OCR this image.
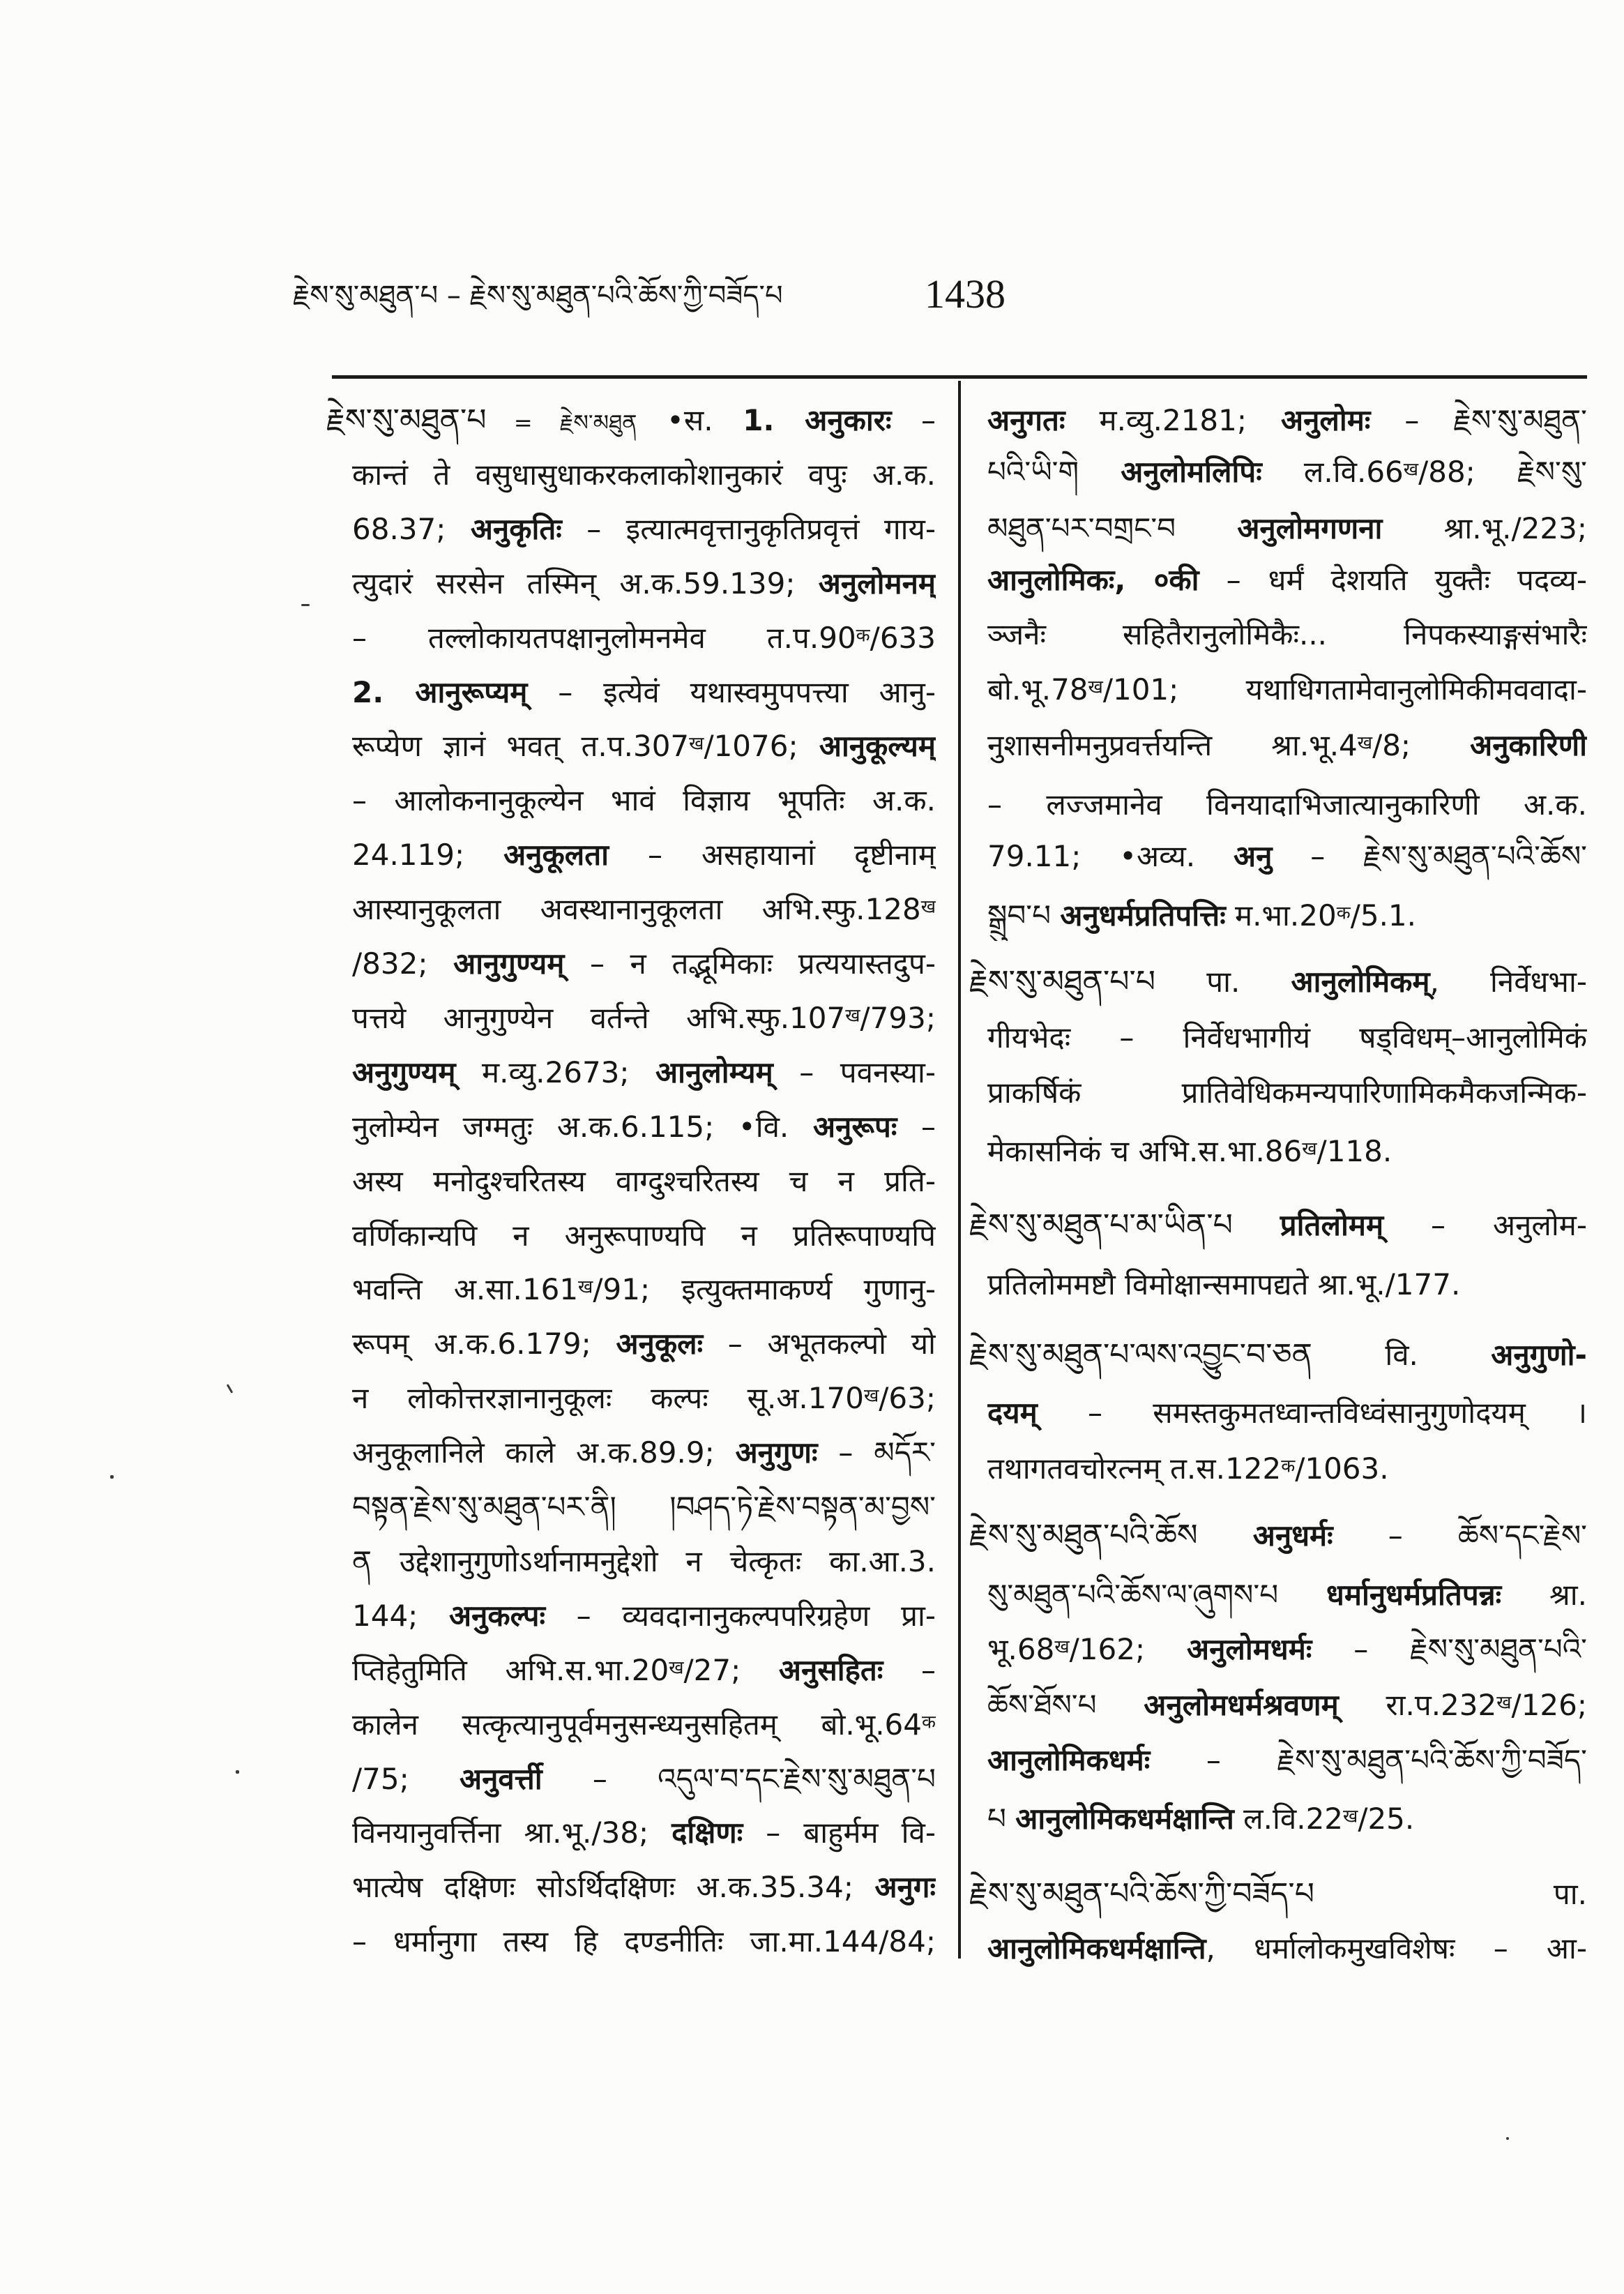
རྗེས་སུ་མཐུན་པ – རྗེས་སུ་མཐུན་པའི་ཆོས་ཀྱི་བཟོད་པ	1438
རྗེས་སུ་མཐུན་པ = རྗེས་མཐུན •स. 1. अनुकारः –
कान्तं ते वसुधासुधाकरकलाकोशानुकारं वपुः अ.क.
68.37; अनुकृतिः – इत्यात्मवृत्तानुकृतिप्रवृत्तं गाय-
त्युदारं सरसेन तस्मिन् अ.क.59.139; अनुलोमनम्
– तल्लोकायतपक्षानुलोमनमेव $त.प.90^क/633$
2. आनुरूप्यम् – इत्येवं यथास्वमुपपत्त्या आनु-
रूप्येण ज्ञानं भवत् $त.प.307^ख/1076$; आनुकूल्यम्
– आलोकनानुकूल्येन भावं विज्ञाय भूपतिः अ.क.
24.119; अनुकूलता – असहायानां दृष्टीनाम्
आस्यानुकूलता अवस्थानानुकूलता $अभि.स्फु.128^ख$
/832; आनुगुण्यम् – न तद्भूमिकाः प्रत्ययास्तदुप-
पत्तये आनुगुण्येन वर्तन्ते $अभि.स्फु.107^ख/793$;
अनुगुण्यम् म.व्यु.2673; आनुलोम्यम् – पवनस्या-
नुलोम्येन जग्मतुः अ.क.6.115; •वि. अनुरूपः –
अस्य मनोदुश्चरितस्य वाग्दुश्चरितस्य च न प्रति-
वर्णिकान्यपि न अनुरूपाण्यपि न प्रतिरूपाण्यपि
भवन्ति $अ.सा.161^ख/91$; इत्युक्तमाकर्ण्य गुणानु-
रूपम् अ.क.6.179; अनुकूलः – अभूतकल्पो यो
न लोकोत्तरज्ञानानुकूलः कल्पः $सू.अ.170^ख/63$;
अनुकूलानिले काले अ.क.89.9; अनुगुणः – མདོར་
བསྟན་རྗེས་སུ་མཐུན་པར་ནི། །བཤད་ཏེ་རྗེས་བསྟན་མ་བྱས་
ན उद्देशानुगुणोऽर्थानामनुद्देशो न चेत्कृतः का.आ.3.
144; अनुकल्पः – व्यवदानानुकल्पपरिग्रहेण प्रा-
प्तिहेतुमिति $अभि.स.भा.20^ख/27$; अनुसहितः –
कालेन सत्कृत्यानुपूर्वमनुसन्ध्यनुसहितम् $बो.भू.64^क$
/75; अनुवर्त्ती – འདུལ་བ་དང་རྗེས་སུ་མཐུན་པ
विनयानुवर्त्तिना श्रा.भू./38; दक्षिणः – बाहुर्मम वि-
भात्येष दक्षिणः सोऽर्थिदक्षिणः अ.क.35.34; अनुगः
– धर्मानुगा तस्य हि दण्डनीतिः जा.मा.144/84;
अनुगतः म.व्यु.2181; अनुलोमः – རྗེས་སུ་མཐུན་
པའི་ཡི་གེ अनुलोमलिपिः $ल.वि.66^ख/88$; རྗེས་སུ་
མཐུན་པར་བགྲང་བ अनुलोमगणना श्रा.भू./223;
आनुलोमिकः, ०की – धर्मं देशयति युक्तैः पदव्य-
ञ्जनैः सहितैरानुलोमिकैः... निपकस्याङ्गसंभारैः
$बो.भू.78^ख/101$; यथाधिगतामेवानुलोमिकीमववादा-
नुशासनीमनुप्रवर्त्तयन्ति $श्रा.भू.4^ख/8$; अनुकारिणी
– लज्जमानेव विनयादाभिजात्यानुकारिणी अ.क.
79.11; •अव्य. अनु – རྗེས་སུ་མཐུན་པའི་ཆོས་
སྒྲུབ་པ अनुधर्मप्रतिपत्तिः $म.भा.20^क/5.1$.
རྗེས་སུ་མཐུན་པ་པ पा. आनुलोमिकम्, निर्वेधभा-
गीयभेदः – निर्वेधभागीयं षड्विधम्–आनुलोमिकं
प्राकर्षिकं प्रातिवेधिकमन्यपारिणामिकमैकजन्मिक-
मेकासनिकं च $अभि.स.भा.86^ख/118$.
རྗེས་སུ་མཐུན་པ་མ་ཡིན་པ प्रतिलोमम् – अनुलोम-
प्रतिलोममष्टौ विमोक्षान्समापद्यते श्रा.भू./177.
རྗེས་སུ་མཐུན་པ་ལས་འབྱུང་བ་ཅན वि. अनुगुणो-
दयम् – समस्तकुमतध्वान्तविध्वंसानुगुणोदयम् ।
तथागतवचोरत्नम् $त.स.122^क/1063$.
རྗེས་སུ་མཐུན་པའི་ཆོས अनुधर्मः – ཆོས་དང་རྗེས་
སུ་མཐུན་པའི་ཆོས་ལ་ཞུགས་པ धर्मानुधर्मप्रतिपन्नः श्रा.
$भू.68^ख/162$; अनुलोमधर्मः – རྗེས་སུ་མཐུན་པའི་
ཆོས་ཐོས་པ अनुलोमधर्मश्रवणम् $रा.प.232^ख/126$;
आनुलोमिकधर्मः – རྗེས་སུ་མཐུན་པའི་ཆོས་ཀྱི་བཟོད་
པ आनुलोमिकधर्मक्षान्ति $ल.वि.22^ख/25$.
རྗེས་སུ་མཐུན་པའི་ཆོས་ཀྱི་བཟོད་པ पा.
आनुलोमिकधर्मक्षान्ति, धर्मालोकमुखविशेषः – आ-
